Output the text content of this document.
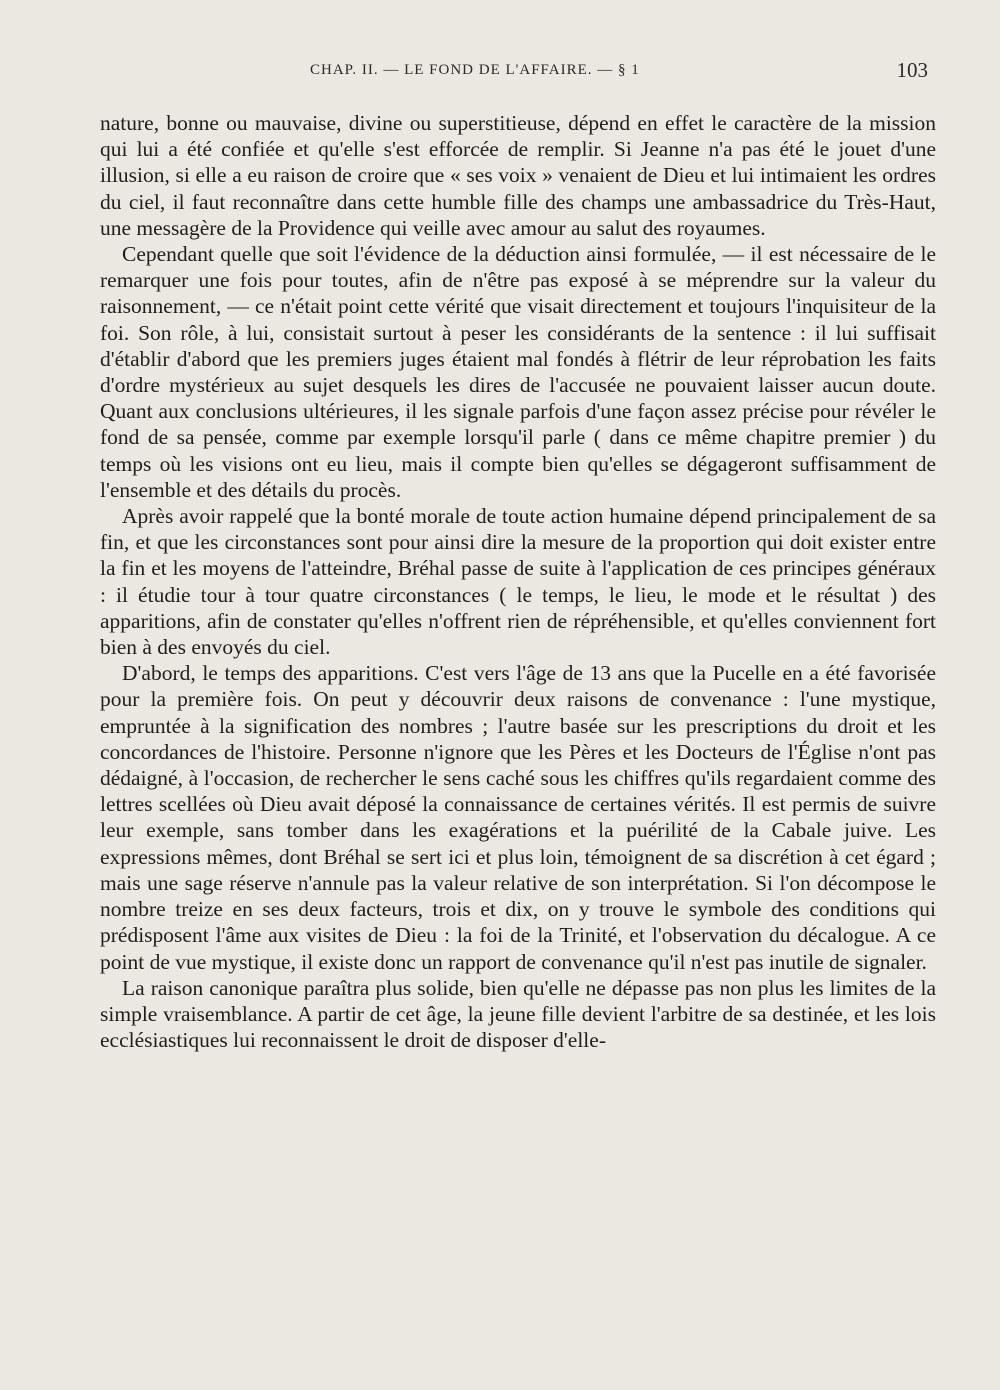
CHAP. II. — LE FOND DE L'AFFAIRE. — § 1	103

nature, bonne ou mauvaise, divine ou superstitieuse, dépend en effet le caractère de la mission qui lui a été confiée et qu'elle s'est efforcée de remplir. Si Jeanne n'a pas été le jouet d'une illusion, si elle a eu raison de croire que « ses voix » venaient de Dieu et lui intimaient les ordres du ciel, il faut reconnaître dans cette humble fille des champs une ambassadrice du Très-Haut, une messagère de la Providence qui veille avec amour au salut des royaumes.

Cependant quelle que soit l'évidence de la déduction ainsi formulée, — il est nécessaire de le remarquer une fois pour toutes, afin de n'être pas exposé à se méprendre sur la valeur du raisonnement, — ce n'était point cette vérité que visait directement et toujours l'inquisiteur de la foi. Son rôle, à lui, consistait surtout à peser les considérants de la sentence : il lui suffisait d'établir d'abord que les premiers juges étaient mal fondés à flétrir de leur réprobation les faits d'ordre mystérieux au sujet desquels les dires de l'accusée ne pouvaient laisser aucun doute. Quant aux conclusions ultérieures, il les signale parfois d'une façon assez précise pour révéler le fond de sa pensée, comme par exemple lorsqu'il parle ( dans ce même chapitre premier ) du temps où les visions ont eu lieu, mais il compte bien qu'elles se dégageront suffisamment de l'ensemble et des détails du procès.

Après avoir rappelé que la bonté morale de toute action humaine dépend principalement de sa fin, et que les circonstances sont pour ainsi dire la mesure de la proportion qui doit exister entre la fin et les moyens de l'atteindre, Bréhal passe de suite à l'application de ces principes généraux : il étudie tour à tour quatre circonstances ( le temps, le lieu, le mode et le résultat ) des apparitions, afin de constater qu'elles n'offrent rien de répréhensible, et qu'elles conviennent fort bien à des envoyés du ciel.

D'abord, le temps des apparitions. C'est vers l'âge de 13 ans que la Pucelle en a été favorisée pour la première fois. On peut y découvrir deux raisons de convenance : l'une mystique, empruntée à la signification des nombres ; l'autre basée sur les prescriptions du droit et les concordances de l'histoire. Personne n'ignore que les Pères et les Docteurs de l'Église n'ont pas dédaigné, à l'occasion, de rechercher le sens caché sous les chiffres qu'ils regardaient comme des lettres scellées où Dieu avait déposé la connaissance de certaines vérités. Il est permis de suivre leur exemple, sans tomber dans les exagérations et la puérilité de la Cabale juive. Les expressions mêmes, dont Bréhal se sert ici et plus loin, témoignent de sa discrétion à cet égard ; mais une sage réserve n'annule pas la valeur relative de son interprétation. Si l'on décompose le nombre treize en ses deux facteurs, trois et dix, on y trouve le symbole des conditions qui prédisposent l'âme aux visites de Dieu : la foi de la Trinité, et l'observation du décalogue. A ce point de vue mystique, il existe donc un rapport de convenance qu'il n'est pas inutile de signaler.

La raison canonique paraîtra plus solide, bien qu'elle ne dépasse pas non plus les limites de la simple vraisemblance. A partir de cet âge, la jeune fille devient l'arbitre de sa destinée, et les lois ecclésiastiques lui reconnaissent le droit de disposer d'elle-
